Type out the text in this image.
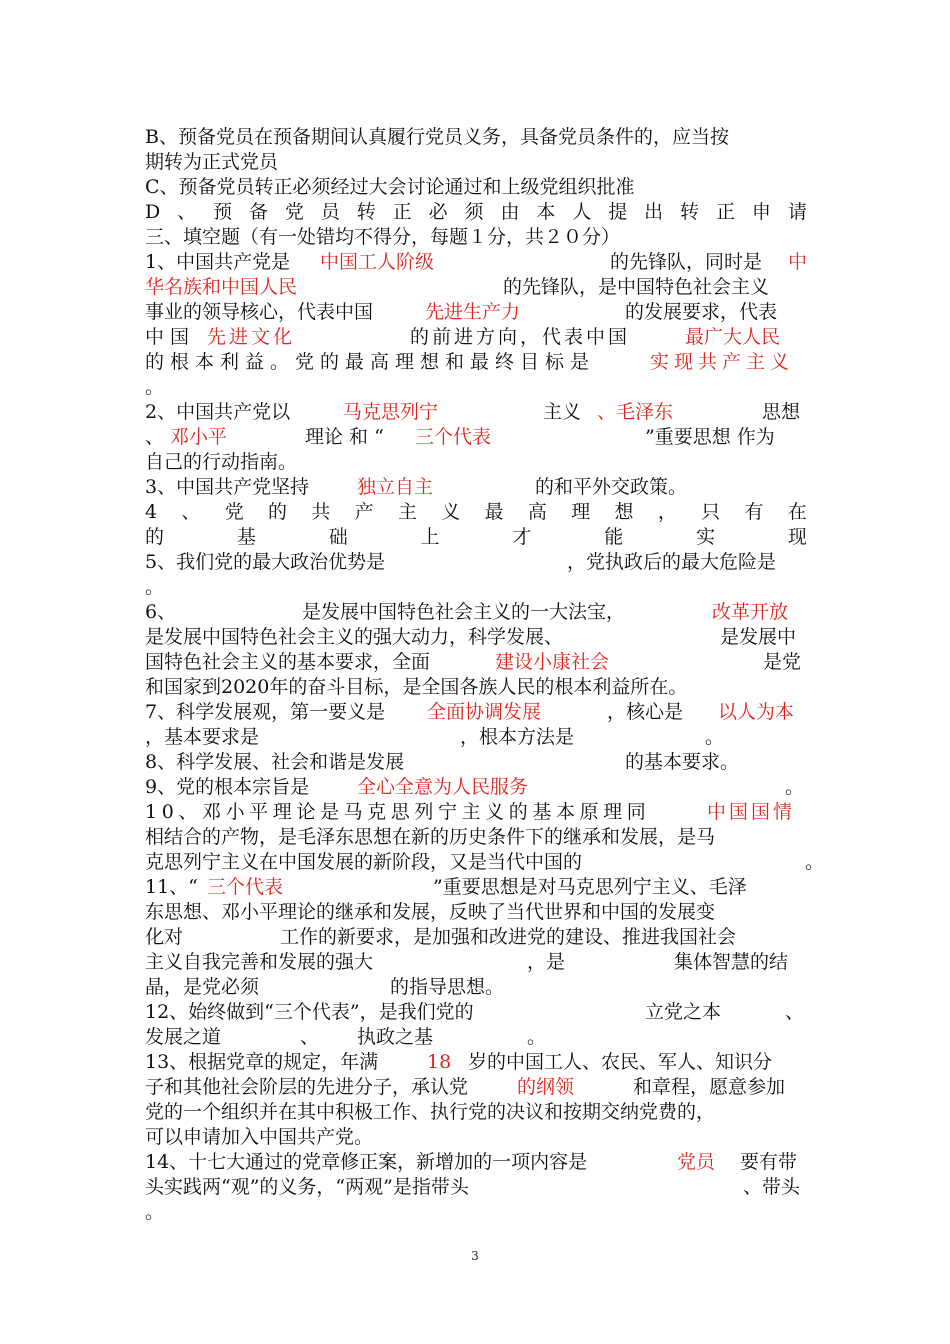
B、预备党员在预备期间认真履行党员义务，具备党员条件的，应当按
期转为正式党员
C、预备党员转正必须经过大会讨论通过和上级党组织批准
D 、 预 备 党 员 转 正 必 须 由 本 人 提 出 转 正 申 请
三、填空题（有一处错均不得分，每题１分，共２０分）
1、中国共产党是 中国工人阶级	的先锋队，同时是 中
华名族和中国人民	的先锋队，是中国特色社会主义
事业的领导核心，代表中国	先进生产力	的发展要求，代表
中 国 先进文化	的前进方向，代表中国	最广大人民
的根本利益。党的最高理想和最终目标是	实现共产主义
。
2、中国共产党以	马克思列宁	主义 、毛泽东	思想
、 邓小平	理论 和 “ 三个代表	”重要思想 作为
自己的行动指南。
3、中国共产党坚持	独立自主	的和平外交政策。
4 、 党 的 共 产 主 义 最 高 理 想 ， 只 有 在
的	基	础	上	才	能	实	现
5、我们党的最大政治优势是	，党执政后的最大危险是
。
6、	是发展中国特色社会主义的一大法宝，	改革开放
是发展中国特色社会主义的强大动力，科学发展、	是发展中
国特色社会主义的基本要求，全面	建设小康社会	是党
和国家到2020年的奋斗目标，是全国各族人民的根本利益所在。
7、科学发展观，第一要义是 全面协调发展	，核心是 以人为本
，基本要求是	，根本方法是	。
8、科学发展、社会和谐是发展	的基本要求。
9、党的根本宗旨是	全心全意为人民服务	。
10、邓小平理论是马克思列宁主义的基本原理同	中国国情
相结合的产物，是毛泽东思想在新的历史条件下的继承和发展，是马
克思列宁主义在中国发展的新阶段，又是当代中国的	。
11、“ 三个代表	”重要思想是对马克思列宁主义、毛泽
东思想、邓小平理论的继承和发展，反映了当代世界和中国的发展变
化对	工作的新要求，是加强和改进党的建设、推进我国社会
主义自我完善和发展的强大	，是	集体智慧的结
晶，是党必须	的指导思想。
12、始终做到“三个代表”，是我们党的	立党之本	、
发展之道	、 执政之基	。
13、根据党章的规定，年满	18 岁的中国工人、农民、军人、知识分
子和其他社会阶层的先进分子，承认党	的纲领	和章程，愿意参加
党的一个组织并在其中积极工作、执行党的决议和按期交纳党费的，
可以申请加入中国共产党。
14、十七大通过的党章修正案，新增加的一项内容是	党员 要有带
头实践两“观”的义务，“两观”是指带头	、带头
。
3
